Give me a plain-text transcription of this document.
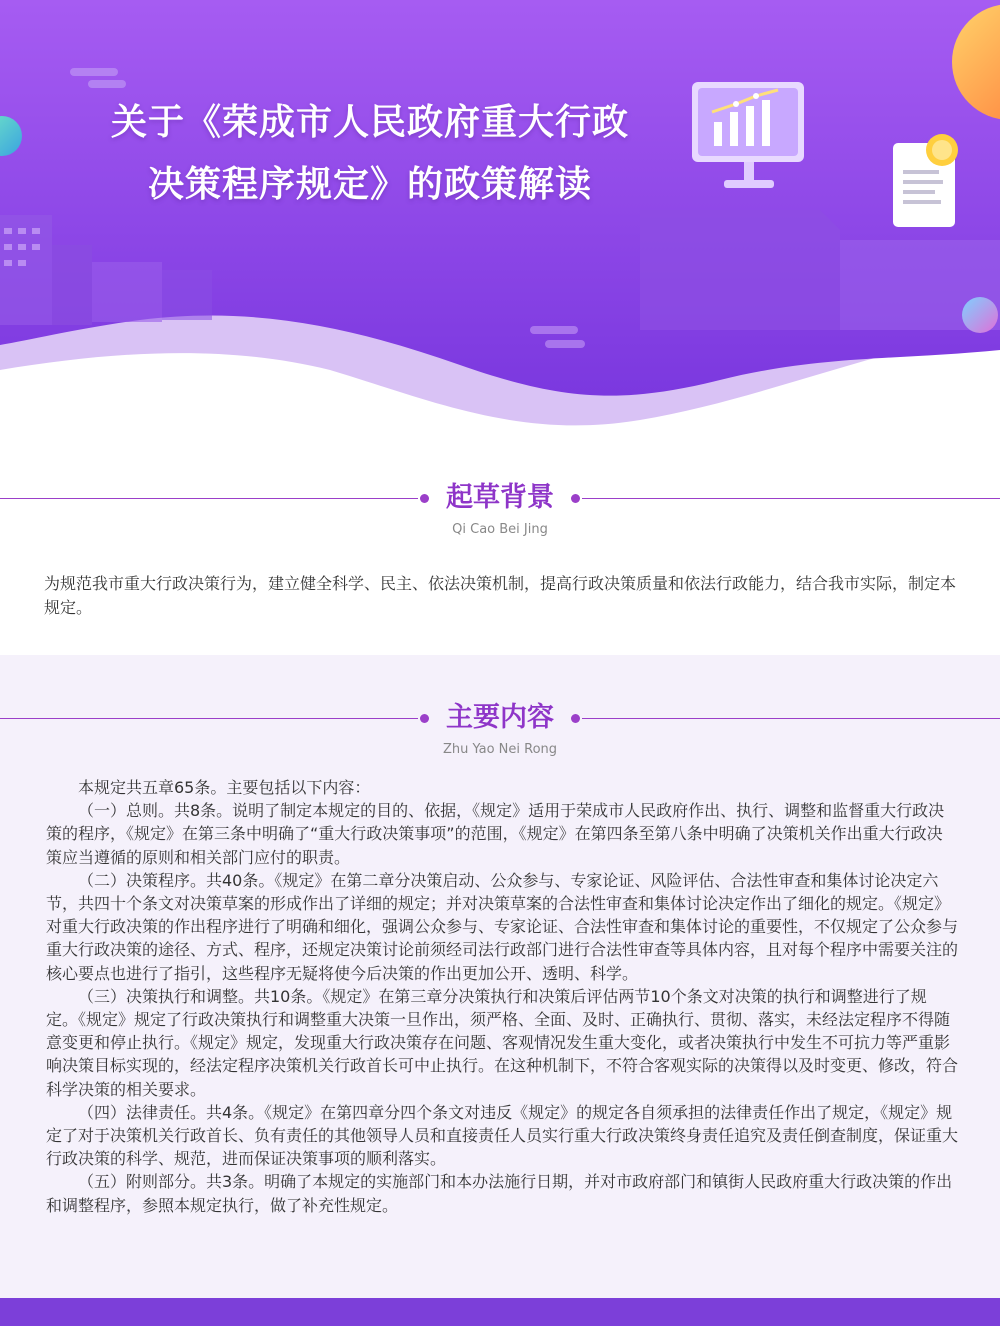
关于《荣成市人民政府重大行政
决策程序规定》的政策解读
起草背景
Qi Cao Bei Jing
为规范我市重大行政决策行为，建立健全科学、民主、依法决策机制，提高行政决策质量和依法行政能力，结合我市实际，制定本规定。
主要内容
Zhu Yao Nei Rong

本规定共五章65条。主要包括以下内容：

（一）总则。共8条。说明了制定本规定的目的、依据，《规定》适用于荣成市人民政府作出、执行、调整和监督重大行政决策的程序，《规定》在第三条中明确了“重大行政决策事项”的范围，《规定》在第四条至第八条中明确了决策机关作出重大行政决策应当遵循的原则和相关部门应付的职责。

（二）决策程序。共40条。《规定》在第二章分决策启动、公众参与、专家论证、风险评估、合法性审查和集体讨论决定六节，共四十个条文对决策草案的形成作出了详细的规定；并对决策草案的合法性审查和集体讨论决定作出了细化的规定。《规定》对重大行政决策的作出程序进行了明确和细化，强调公众参与、专家论证、合法性审查和集体讨论的重要性，不仅规定了公众参与重大行政决策的途径、方式、程序，还规定决策讨论前须经司法行政部门进行合法性审查等具体内容，且对每个程序中需要关注的核心要点也进行了指引，这些程序无疑将使今后决策的作出更加公开、透明、科学。

（三）决策执行和调整。共10条。《规定》在第三章分决策执行和决策后评估两节10个条文对决策的执行和调整进行了规定。《规定》规定了行政决策执行和调整重大决策一旦作出，须严格、全面、及时、正确执行、贯彻、落实，未经法定程序不得随意变更和停止执行。《规定》规定，发现重大行政决策存在问题、客观情况发生重大变化，或者决策执行中发生不可抗力等严重影响决策目标实现的，经法定程序决策机关行政首长可中止执行。在这种机制下，不符合客观实际的决策得以及时变更、修改，符合科学决策的相关要求。

（四）法律责任。共4条。《规定》在第四章分四个条文对违反《规定》的规定各自须承担的法律责任作出了规定，《规定》规定了对于决策机关行政首长、负有责任的其他领导人员和直接责任人员实行重大行政决策终身责任追究及责任倒查制度，保证重大行政决策的科学、规范，进而保证决策事项的顺利落实。

（五）附则部分。共3条。明确了本规定的实施部门和本办法施行日期，并对市政府部门和镇街人民政府重大行政决策的作出和调整程序，参照本规定执行，做了补充性规定。
